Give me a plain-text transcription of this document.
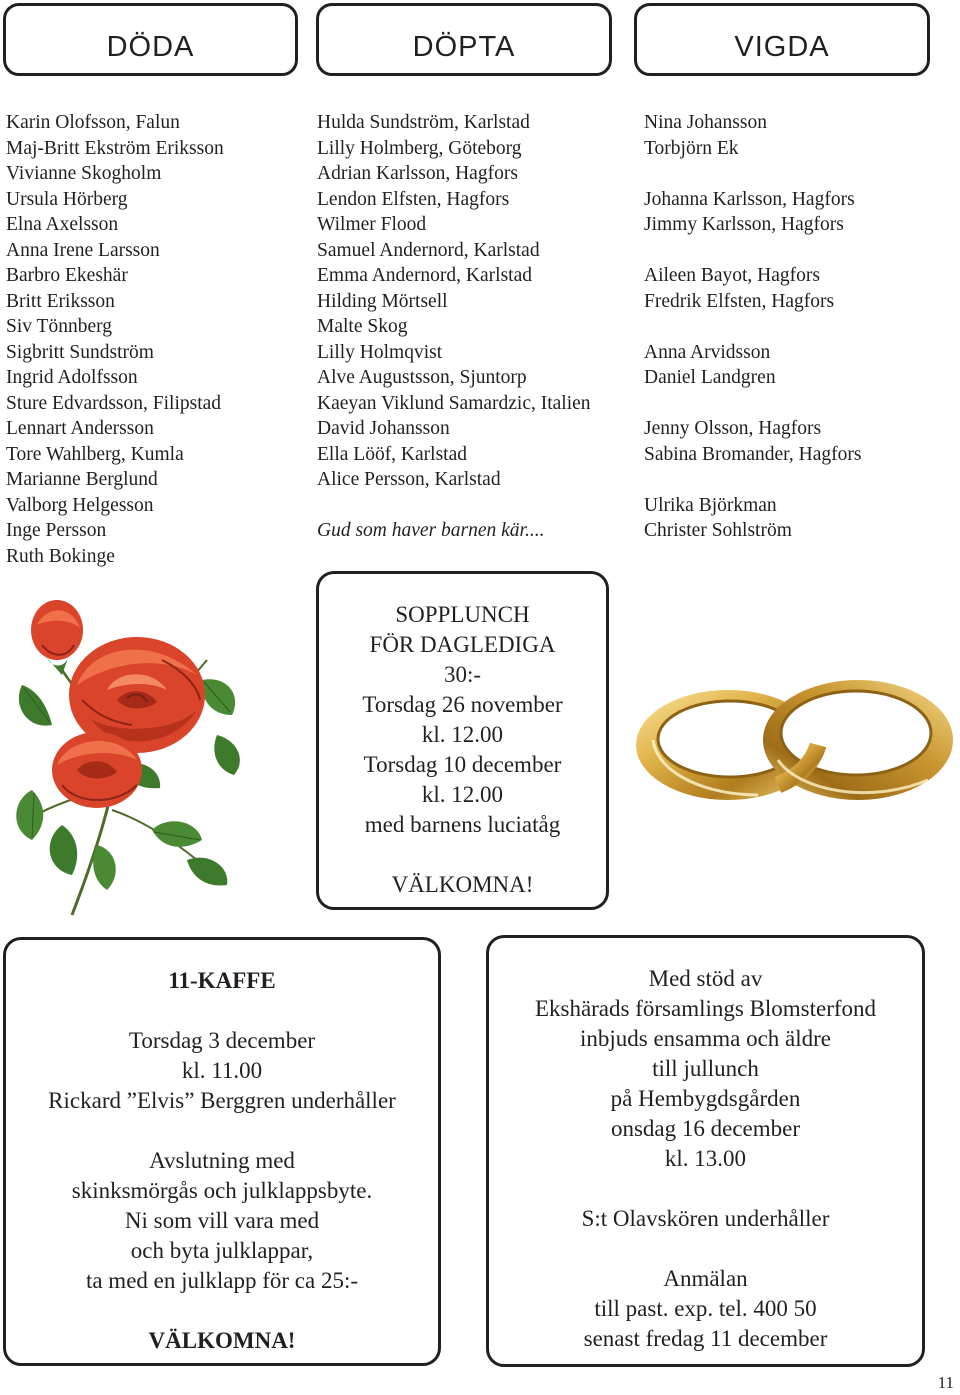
DÖDA	DÖPTA	VIGDA
Karin Olofsson, Falun
Maj-Britt Ekström Eriksson
Vivianne Skogholm
Ursula Hörberg
Elna Axelsson
Anna Irene Larsson
Barbro Ekeshär
Britt Eriksson
Siv Tönnberg
Sigbritt Sundström
Ingrid Adolfsson
Sture Edvardsson, Filipstad
Lennart Andersson
Tore Wahlberg, Kumla
Marianne Berglund
Valborg Helgesson
Inge Persson
Ruth Bokinge
Hulda Sundström, Karlstad
Lilly Holmberg, Göteborg
Adrian Karlsson, Hagfors
Lendon Elfsten, Hagfors
Wilmer Flood
Samuel Andernord, Karlstad
Emma Andernord, Karlstad
Hilding Mörtsell
Malte Skog
Lilly Holmqvist
Alve Augustsson, Sjuntorp
Kaeyan Viklund Samardzic, Italien
David Johansson
Ella Lööf, Karlstad
Alice Persson, Karlstad
Gud som haver barnen kär....
Nina Johansson
Torbjörn Ek
Johanna Karlsson, Hagfors
Jimmy Karlsson, Hagfors
Aileen Bayot, Hagfors
Fredrik Elfsten, Hagfors
Anna Arvidsson
Daniel Landgren
Jenny Olsson, Hagfors
Sabina Bromander, Hagfors
Ulrika Björkman
Christer Sohlström
SOPPLUNCH
FÖR DAGLEDIGA
30:-
Torsdag 26 november
kl. 12.00
Torsdag 10 december
kl. 12.00
med barnens luciatåg
VÄLKOMNA!
11-KAFFE
Torsdag 3 december
kl. 11.00
Rickard ”Elvis” Berggren underhåller
Avslutning med
skinksmörgås och julklappsbyte.
Ni som vill vara med
och byta julklappar,
ta med en julklapp för ca 25:-
VÄLKOMNA!
Med stöd av
Ekshärads församlings Blomsterfond
inbjuds ensamma och äldre
till jullunch
på Hembygdsgården
onsdag 16 december
kl. 13.00
S:t Olavskören underhåller
Anmälan
till past. exp. tel. 400 50
senast fredag 11 december
11
